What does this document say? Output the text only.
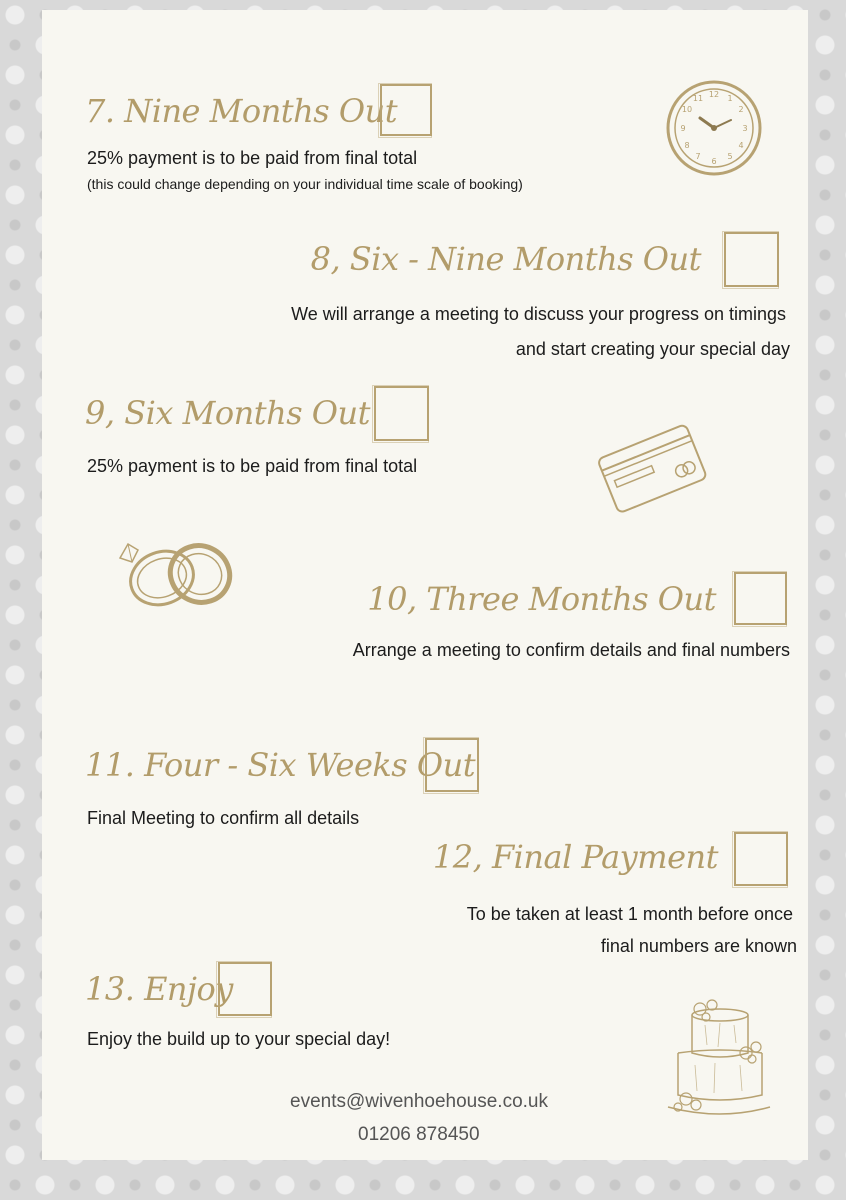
7. Nine Months Out
25% payment is to be paid from final total
(this could change depending on your individual time scale of booking)
8, Six - Nine Months Out
We will arrange a meeting to discuss your progress on timings
and start creating your special day
9, Six Months Out
25% payment is to be paid from final total
10, Three Months Out
Arrange a meeting to confirm details and final numbers
11. Four - Six Weeks Out
Final Meeting to confirm all details
12, Final Payment
To be taken at least 1 month before once
final numbers are known
13. Enjoy
Enjoy the build up to your special day!
events@wivenhoehouse.co.uk
01206 878450
12 1
2
3
4
5
6
7
8
9
10
11
